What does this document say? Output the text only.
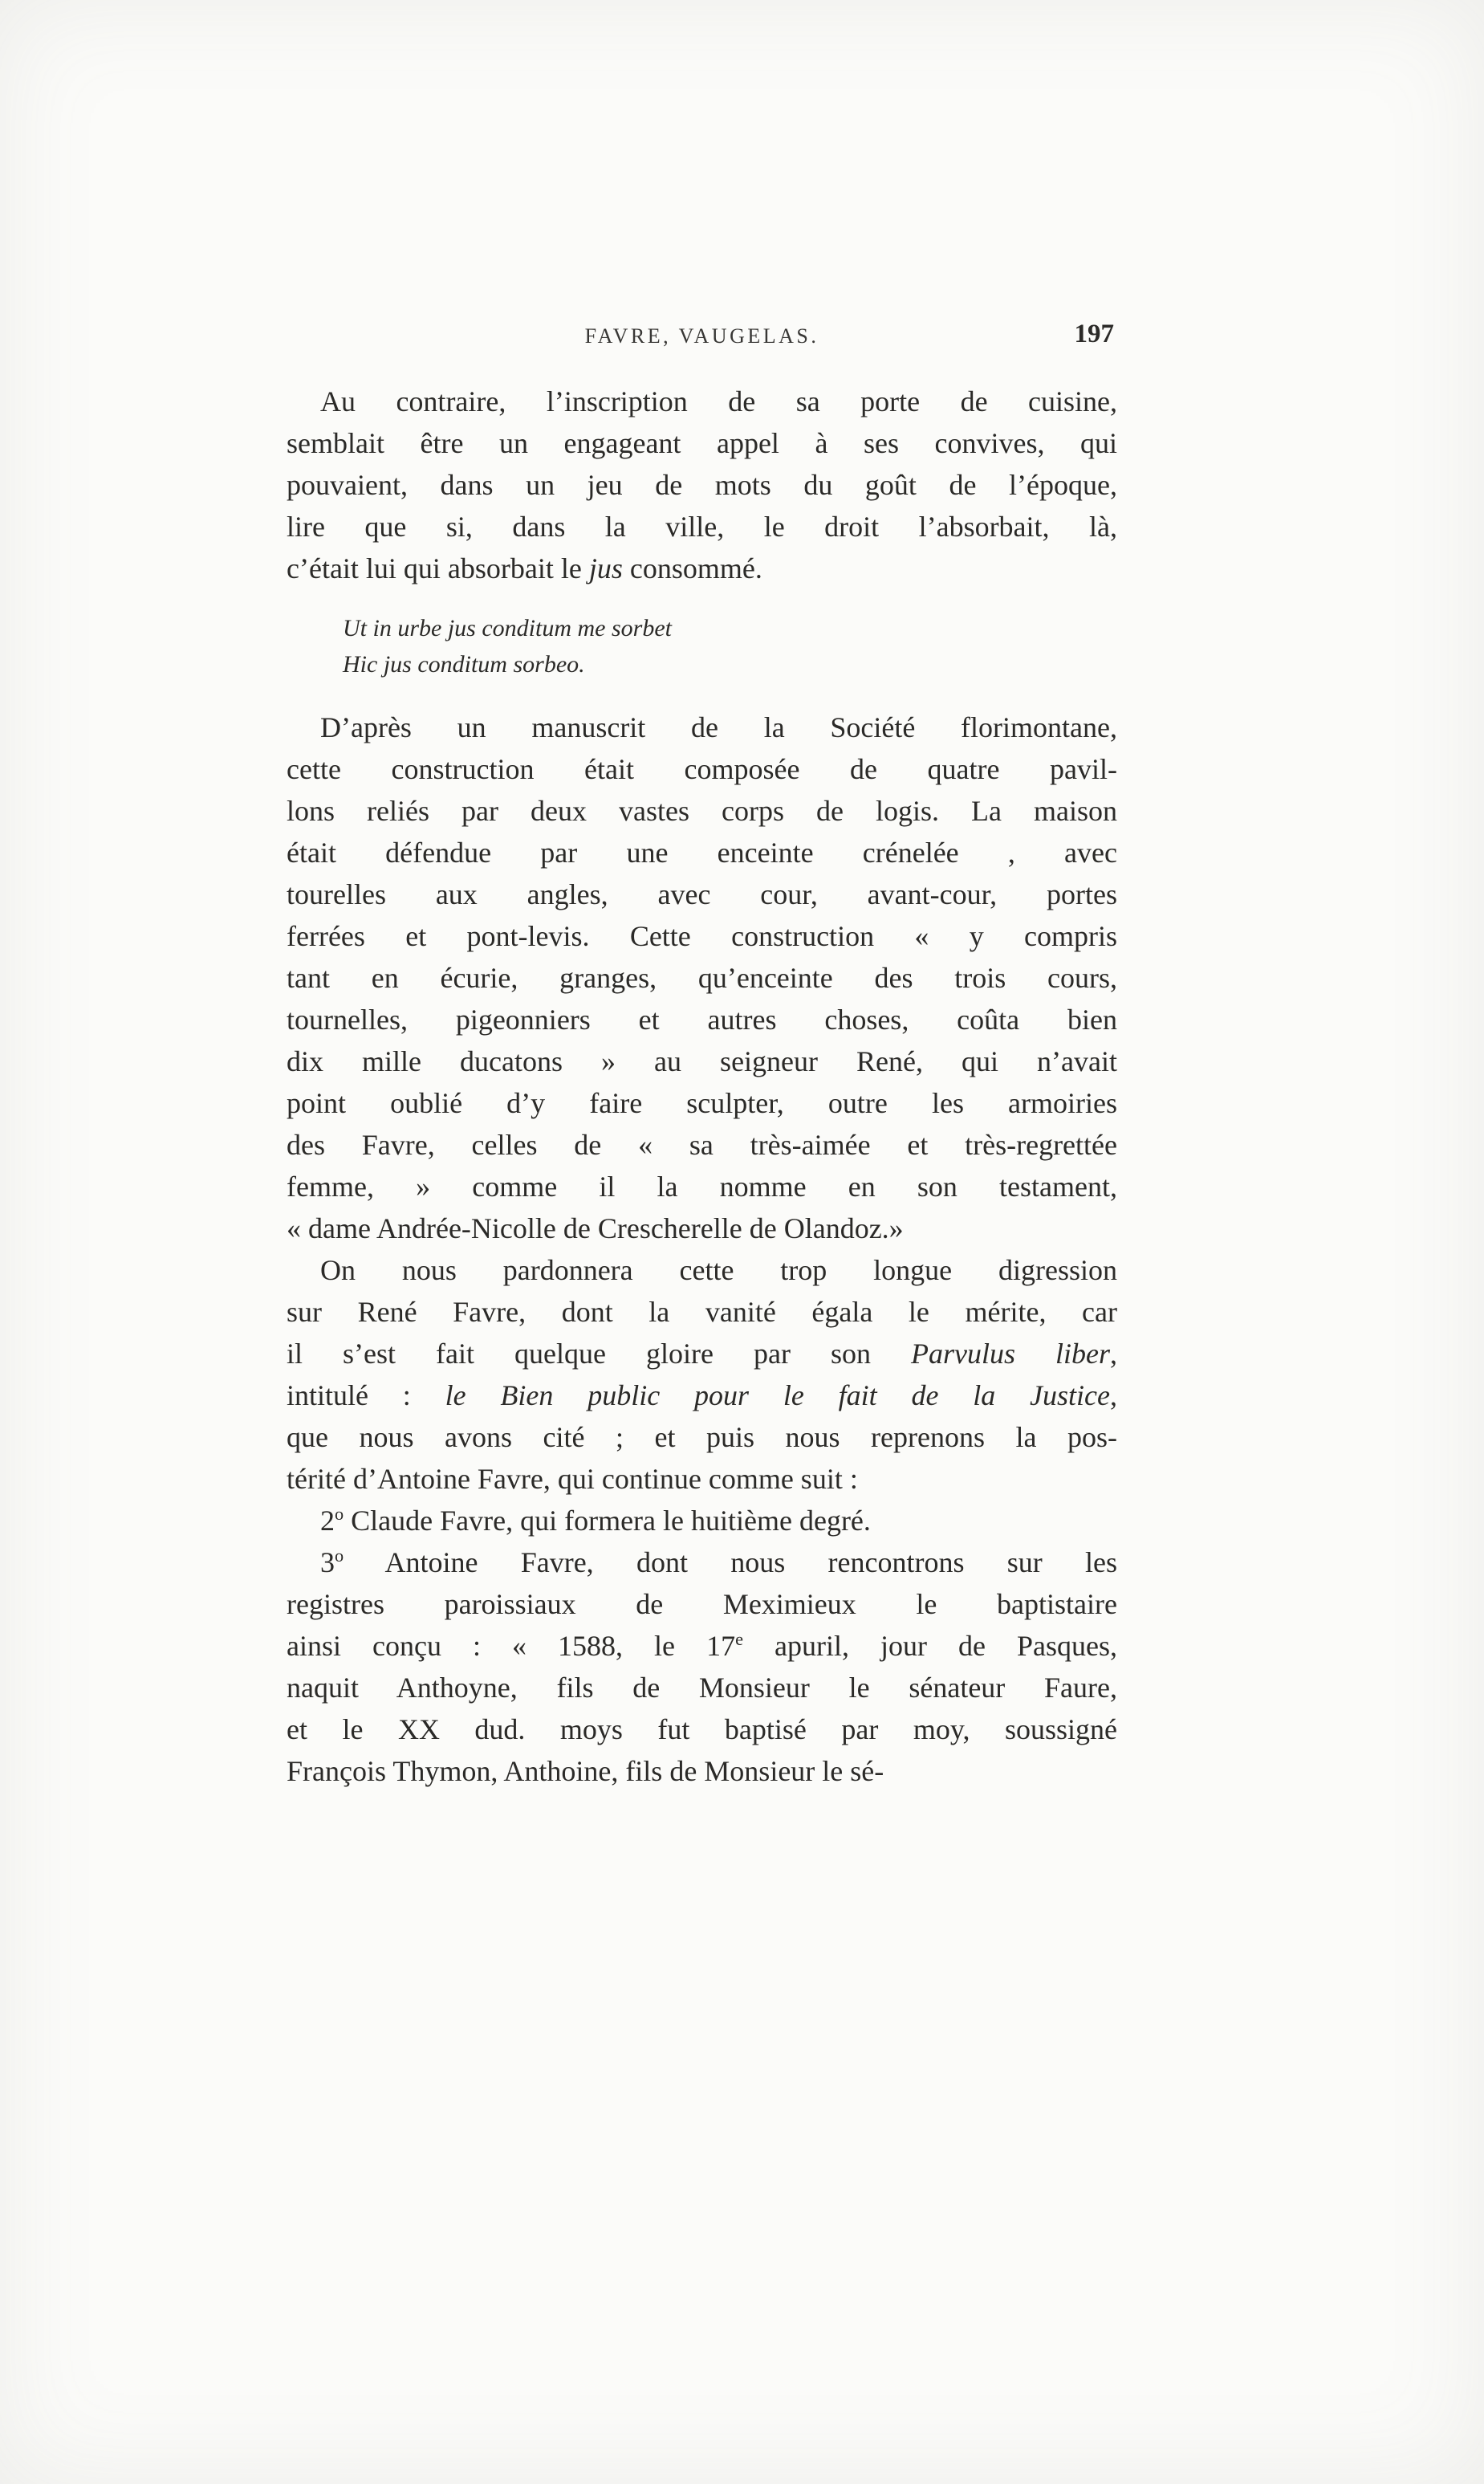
FAVRE, VAUGELAS.	197
Au contraire, l’inscription de sa porte de cuisine,
semblait être un engageant appel à ses convives, qui
pouvaient, dans un jeu de mots du goût de l’époque,
lire que si, dans la ville, le droit l’absorbait, là,
c’était lui qui absorbait le jus consommé.
Ut in urbe jus conditum me sorbet
Hic jus conditum sorbeo.
D’après un manuscrit de la Société florimontane,
cette construction était composée de quatre pavil-
lons reliés par deux vastes corps de logis. La maison
était défendue par une enceinte crénelée , avec
tourelles aux angles, avec cour, avant-cour, portes
ferrées et pont-levis. Cette construction « y compris
tant en écurie, granges, qu’enceinte des trois cours,
tournelles, pigeonniers et autres choses, coûta bien
dix mille ducatons » au seigneur René, qui n’avait
point oublié d’y faire sculpter, outre les armoiries
des Favre, celles de « sa très-aimée et très-regrettée
femme, » comme il la nomme en son testament,
« dame Andrée-Nicolle de Crescherelle de Olandoz.»
On nous pardonnera cette trop longue digression
sur René Favre, dont la vanité égala le mérite, car
il s’est fait quelque gloire par son Parvulus liber,
intitulé : le Bien public pour le fait de la Justice,
que nous avons cité ; et puis nous reprenons la pos-
térité d’Antoine Favre, qui continue comme suit :
2$^o$ Claude Favre, qui formera le huitième degré.
3$^o$ Antoine Favre, dont nous rencontrons sur les
registres paroissiaux de Meximieux le baptistaire
ainsi conçu : « 1588, le 17e apuril, jour de Pasques,
naquit Anthoyne, fils de Monsieur le sénateur Faure,
et le XX dud. moys fut baptisé par moy, soussigné
François Thymon, Anthoine, fils de Monsieur le sé-
